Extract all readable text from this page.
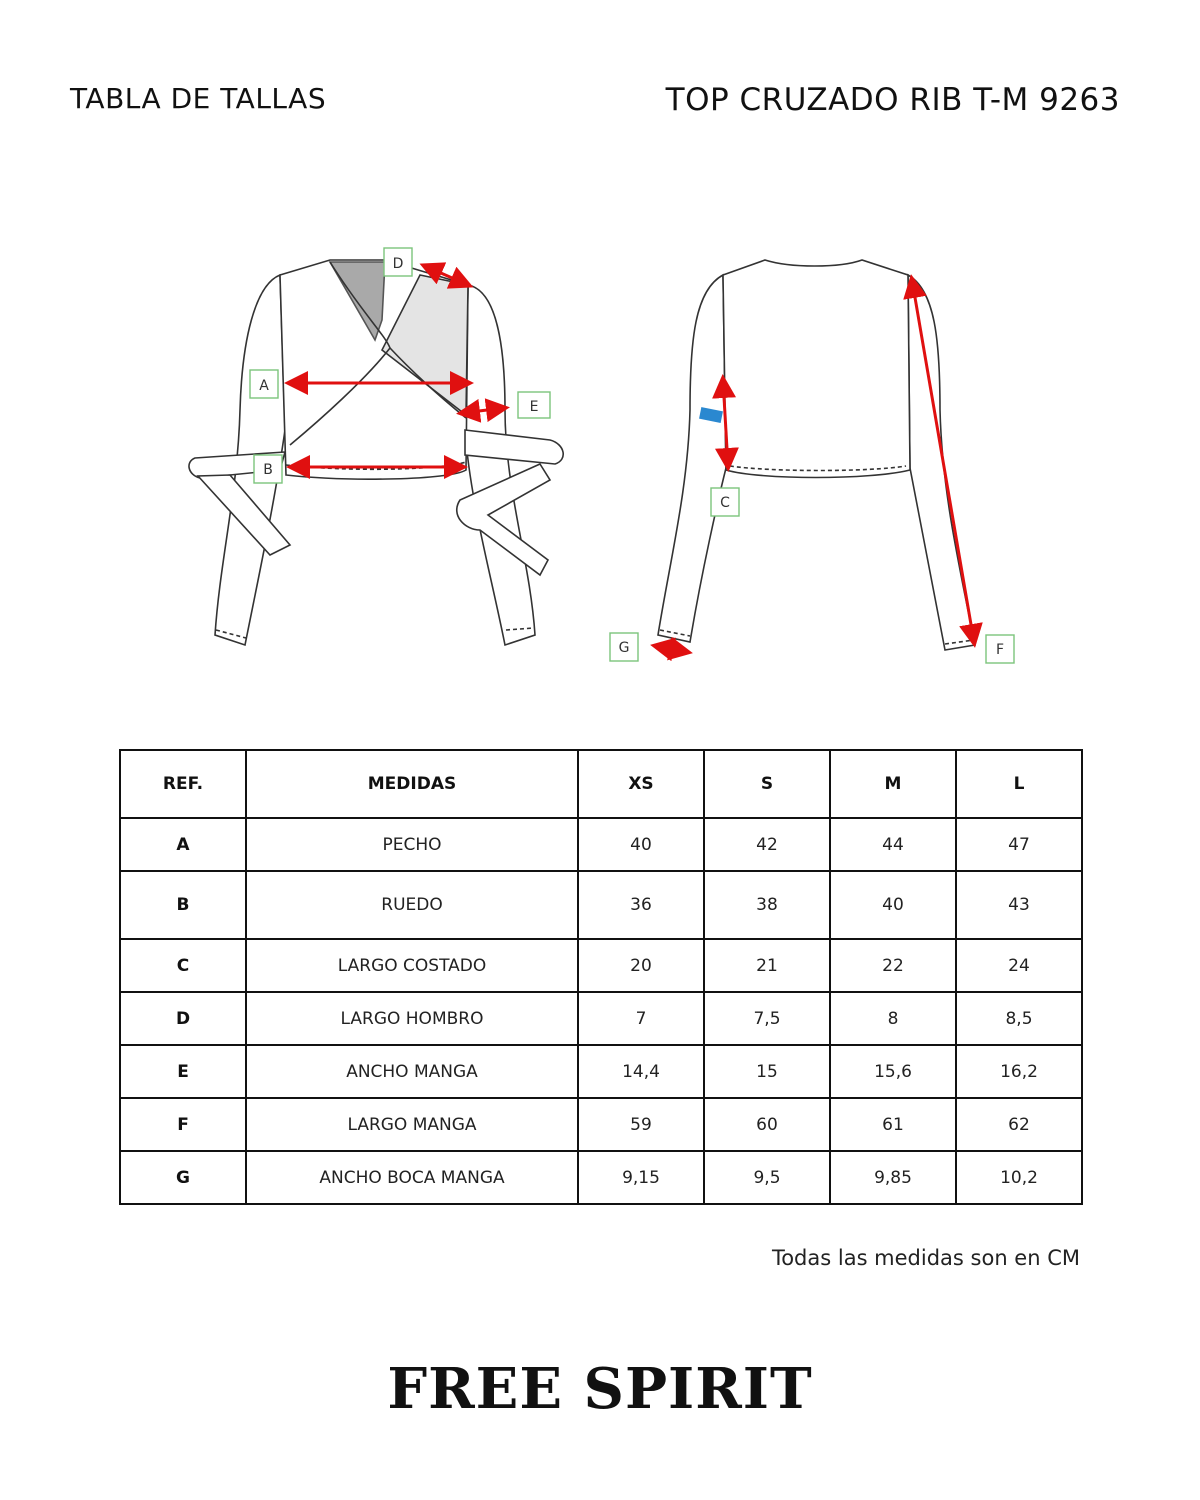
TABLA DE TALLAS	TOP CRUZADO RIB T-M 9263
A
B
D
E
C
F
G
REF.	MEDIDAS	XS	S	M	L
A	PECHO	40	42	44	47
B	RUEDO	36	38	40	43
C	LARGO COSTADO	20	21	22	24
D	LARGO HOMBRO	7	7,5	8	8,5
E	ANCHO MANGA	14,4	15	15,6	16,2
F	LARGO MANGA	59	60	61	62
G	ANCHO BOCA MANGA	9,15	9,5	9,85	10,2
Todas las medidas son en CM
FREE SPIRIT
